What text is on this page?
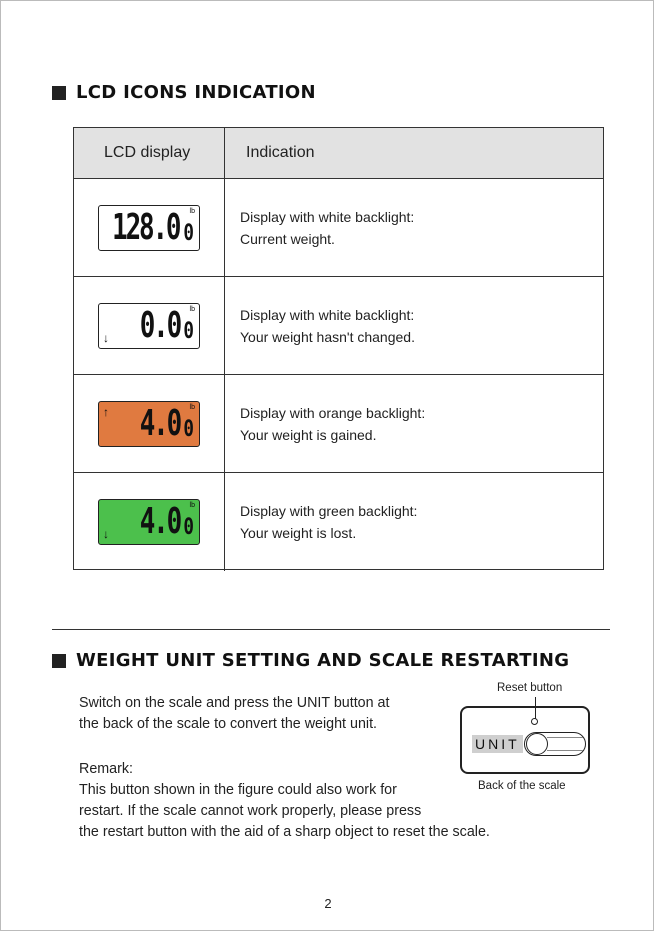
LCD ICONS INDICATION
LCD display	Indication
lb
128.0 0
Display with white backlight:
Current weight.
↓
lb
0.0 0
Display with white backlight:
Your weight hasn't changed.
↑	lb
4.0 0
Display with orange backlight:
Your weight is gained.
↓
lb
4.0 0
Display with green backlight:
Your weight is lost.
WEIGHT UNIT SETTING AND SCALE RESTARTING
Switch on the scale and press the UNIT button at
the back of the scale to convert the weight unit.
Remark:
This button shown in the figure could also work for
restart. If the scale cannot work properly, please press
the restart button with the aid of a sharp object to reset the scale.
Reset button
UNIT
Back of the scale
2
